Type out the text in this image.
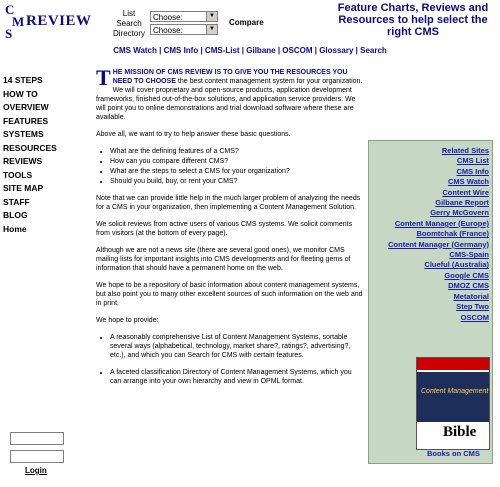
C
M
S
REVIEW	List Search Directory
Choose:	▼
Choose:	▼
Compare
Feature Charts, Reviews and Resources to help select the right CMS
CMS Watch | CMS Info | CMS-List | Gilbane | OSCOM | Glossary | Search
14 STEPS
HOW TO
OVERVIEW
FEATURES
SYSTEMS
RESOURCES
REVIEWS
TOOLS
SITE MAP
STAFF
BLOG
Home
Login

T HE MISSION OF CMS REVIEW IS TO GIVE YOU THE RESOURCES YOU NEED TO CHOOSE the best content management system for your organization. We will cover proprietary and open-source products, application development frameworks, finished out-of-the-box solutions, and application service providers. We will point you to online demonstrations and trial download software where these are available.

Above all, we want to try to help answer these basic questions.

• What are the defining features of a CMS?
• How can you compare different CMS?
• What are the steps to select a CMS for your organization?
• Should you build, buy, or rent your CMS?

Note that we can provide little help in the much larger problem of analyzing the needs for a CMS in your organization, then implementing a Content Management Solution.

We solicit reviews from active users of various CMS systems. We solicit comments from visitors (at the bottom of every page).

Although we are not a news site (there are several good ones), we monitor CMS mailing lists for important insights into CMS developments and for fleeting gems of information that should have a permanent home on the web.

We hope to be a repository of basic information about content management systems, but also point you to many other excellent sources of such information on the web and in print.

We hope to provide:

• A reasonably comprehensive List of Content Management Systems, sortable several ways (alphabetical, technology, market share?, ratings?, advertising?, etc.), and which you can Search for CMS with certain features.
• A faceted classification Directory of Content Management Systems, which you can arrange into your own hierarchy and view in OPML format.
Related Sites
CMS List
CMS Info
CMS Watch
Content Wire
Gilbane Report
Gerry McGovern
Content Manager (Europe)
Boomtchak (France)
Content Manager (Germany)
CMS-Spain
Clueful (Australia)
Google CMS
DMOZ CMS
Metatorial
Step Two
OSCOM
Content Management
Bible
Books on CMS
